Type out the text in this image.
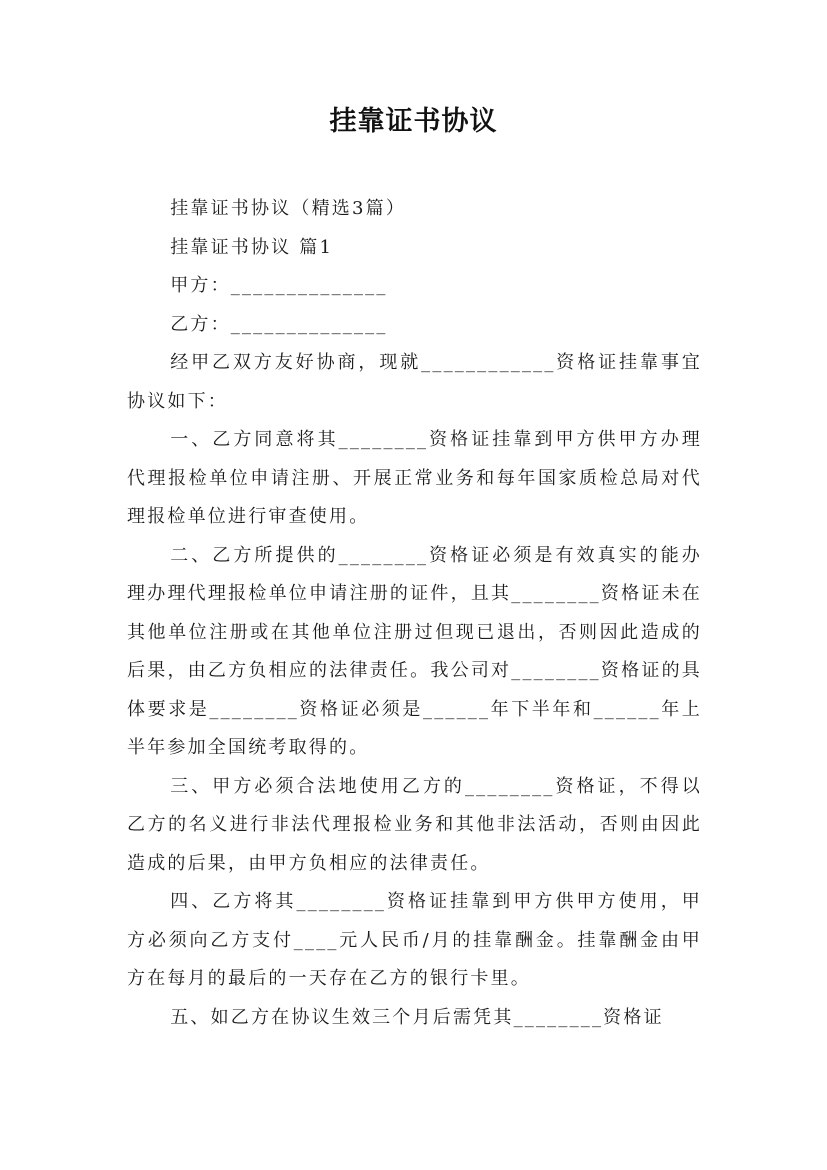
挂靠证书协议

挂靠证书协议（精选3篇）

挂靠证书协议 篇1

甲方：______________

乙方：______________

经甲乙双方友好协商，现就____________资格证挂靠事宜协议如下：

一、乙方同意将其________资格证挂靠到甲方供甲方办理代理报检单位申请注册、开展正常业务和每年国家质检总局对代理报检单位进行审查使用。

二、乙方所提供的________资格证必须是有效真实的能办理办理代理报检单位申请注册的证件，且其________资格证未在其他单位注册或在其他单位注册过但现已退出，否则因此造成的后果，由乙方负相应的法律责任。我公司对________资格证的具体要求是________资格证必须是______年下半年和______年上半年参加全国统考取得的。

三、甲方必须合法地使用乙方的________资格证，不得以乙方的名义进行非法代理报检业务和其他非法活动，否则由因此造成的后果，由甲方负相应的法律责任。

四、乙方将其________资格证挂靠到甲方供甲方使用，甲方必须向乙方支付____元人民币/月的挂靠酬金。挂靠酬金由甲方在每月的最后的一天存在乙方的银行卡里。

五、如乙方在协议生效三个月后需凭其________资格证
